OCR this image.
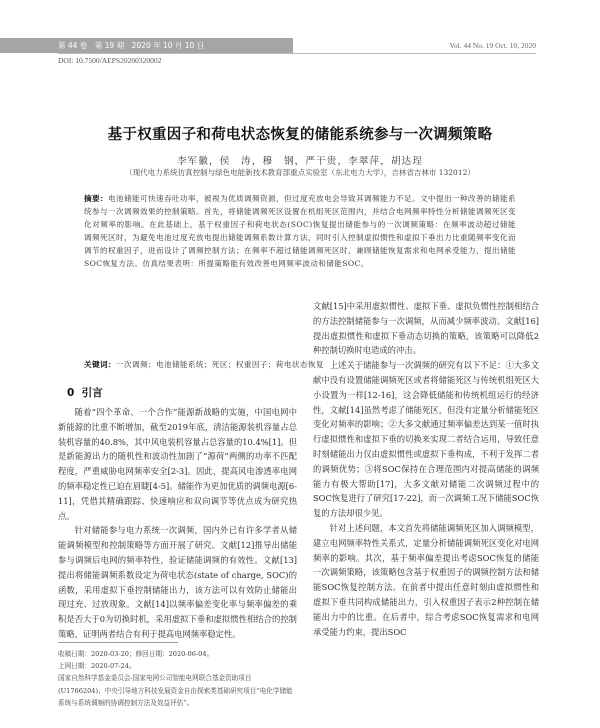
第 44 卷　第 19 期　2020 年 10 月 10 日	Vol. 44 No. 19 Oct. 10, 2020
DOI: 10.7500/AEPS20200320002
基于权重因子和荷电状态恢复的储能系统参与一次调频策略
李军徽，侯　涛，穆　钢，严干贵，李翠萍，胡达珵
（现代电力系统仿真控制与绿色电能新技术教育部重点实验室（东北电力大学），吉林省吉林市 132012）
摘要：电池储能可快速吞吐功率，被视为优质调频资源，但过度充放电会导致其调频能力不足。文中提出一种改善的储能系统参与一次调频效果的控制策略。首先，将储能调频死区设置在机组死区范围内，并结合电网频率特性分析储能调频死区变化对频率的影响。在此基础上，基于权重因子和荷电状态(SOC)恢复提出储能参与的一次调频策略：在频率波动超过储能调频死区时，为避免电池过度充放电提出储能调频系数计算方法，同时引入控制虚拟惯性和虚拟下垂出力比重随频率变化而调节的权重因子，进而设计了调频控制方法；在频率不超过储能调频死区时，兼顾储能恢复需求和电网承受能力，提出储能SOC恢复方法。仿真结果表明：所提策略能有效改善电网频率波动和储能SOC。
关键词：一次调频；电池储能系统；死区；权重因子；荷电状态恢复
0 引言

随着“四个革命、一个合作”能源新战略的实施，中国电网中新能源的比重不断增加，截至2019年底，清洁能源装机容量占总装机容量的40.8%，其中风电装机容量占总容量的10.4%[1]。但是新能源出力的随机性和波动性加剧了“源荷”两侧的功率不匹配程度，严重威胁电网频率安全[2-3]。因此，提高风电渗透率电网的频率稳定性已迫在眉睫[4-5]。储能作为更加优质的调频电源[6-11]，凭借其精确跟踪、快速响应和双向调节等优点成为研究热点。

针对储能参与电力系统一次调频，国内外已有许多学者从储能调频模型和控制策略等方面开展了研究。文献[12]推导出储能参与调频后电网的频率特性，验证储能调频的有效性。文献[13]提出将储能调频系数设定为荷电状态(state of charge, SOC)的函数，采用虚拟下垂控制储能出力，该方法可以有效防止储能出现过充、过放现象。文献[14]以频率偏差变化率与频率偏差的乘积是否大于0为切换时机，采用虚拟下垂和虚拟惯性相结合的控制策略，证明两者结合有利于提高电网频率稳定性。

收稿日期：2020-03-20；修回日期：2020-06-04。
上网日期：2020-07-24。
国家自然科学基金委员会-国家电网公司智能电网联合基金资助项目(U1766204)；中央引导地方科技发展资金自由探索类基础研究项目“电化学储能系统与系统调频的协调控制方法及效益评估”。

文献[15]中采用虚拟惯性、虚拟下垂、虚拟负惯性控制相结合的方法控制储能参与一次调频，从而减少频率波动。文献[16]提出虚拟惯性和虚拟下垂动态切换的策略，该策略可以降低2种控制切换时电造成的冲击。

上述关于储能参与一次调频的研究有以下不足：①大多文献中没有设置储能调频死区或者将储能死区与传统机组死区大小设置为一样[12-16]，这会降低储能和传统机组运行的经济性，文献[14]虽然考虑了储能死区，但没有定量分析储能死区变化对频率的影响；②大多文献通过频率偏差达到某一值时执行虚拟惯性和虚拟下垂的切换来实现二者结合运用，导致任意时刻储能出力仅由虚拟惯性或虚拟下垂构成，不利于发挥二者的调频优势；③将SOC保持在合理范围内对提高储能的调频能力有极大帮助[17]，大多文献对储能二次调频过程中的SOC恢复进行了研究[17-22]，而一次调频工况下储能SOC恢复的方法却很少见。

针对上述问题，本文首先将储能调频死区加入调频模型，建立电网频率特性关系式，定量分析储能调频死区变化对电网频率的影响。其次，基于频率偏差提出考虑SOC恢复的储能一次调频策略，该策略包含基于权重因子的调频控制方法和储能SOC恢复控制方法。在前者中提出任意时刻由虚拟惯性和虚拟下垂共同构成储能出力，引入权重因子表示2种控制在储能出力中的比重。在后者中，综合考虑SOC恢复需求和电网承受能力约束，提出SOC
